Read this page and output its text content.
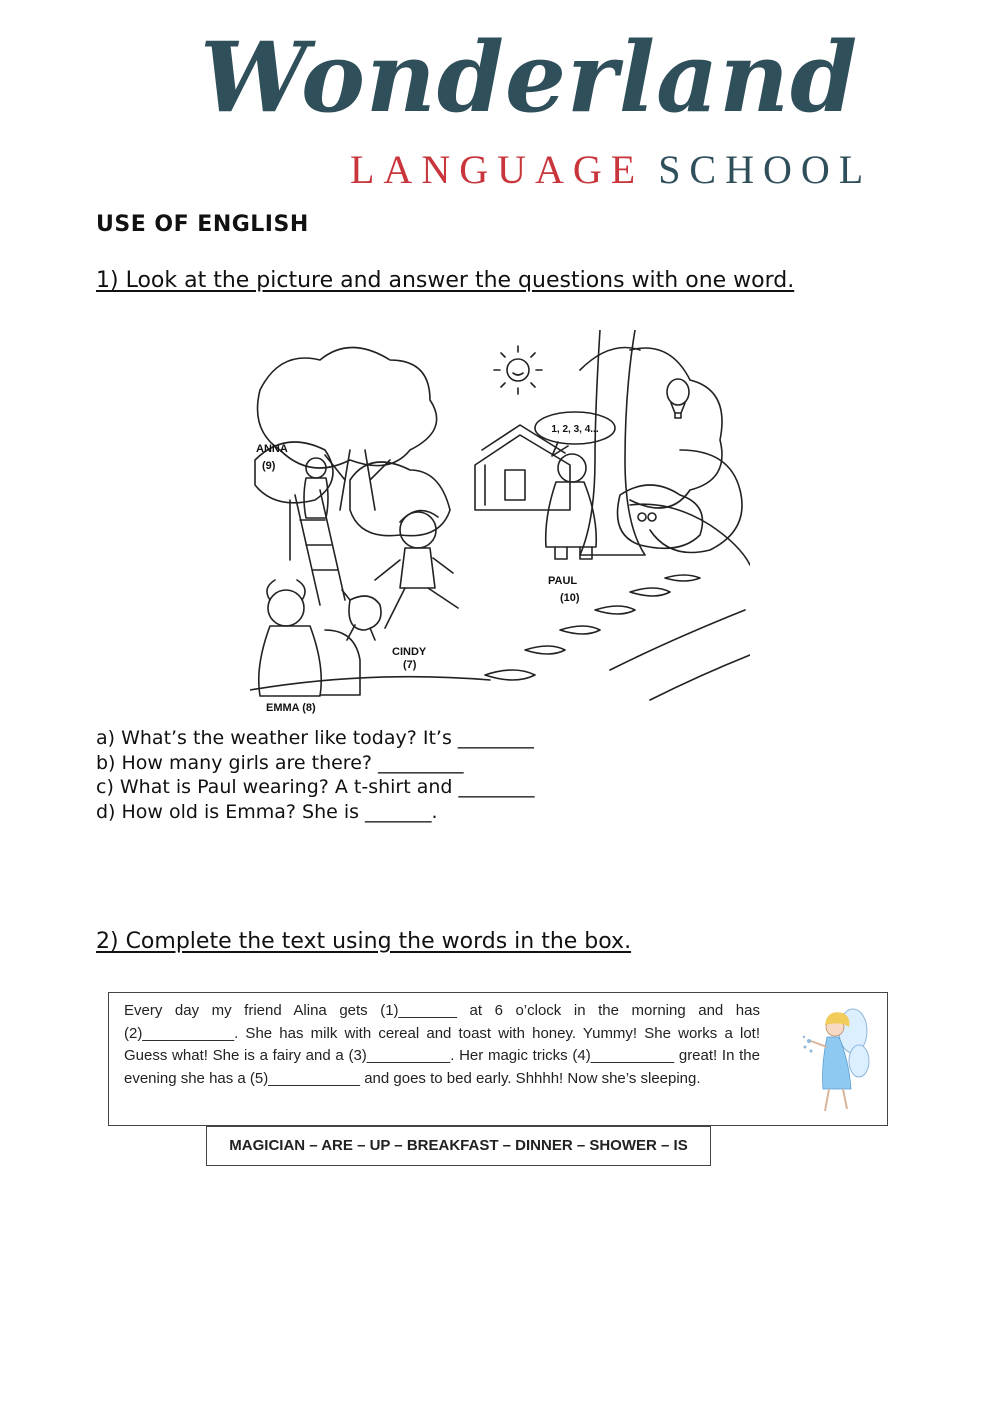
Wonderland
LANGUAGE SCHOOL
USE OF ENGLISH
1) Look at the picture and answer the questions with one word.
1, 2, 3, 4...
ANNA
(9)
PAUL
(10)
CINDY
(7)
EMMA (8)
a) What’s the weather like today? It’s ________
b) How many girls are there? _________
c) What is Paul wearing? A t-shirt and ________
d) How old is Emma? She is _______.
2) Complete the text using the words in the box.

Every day my friend Alina gets (1)_______ at 6 o’clock in the morning and has (2)___________. She has milk with cereal and toast with honey. Yummy! She works a lot! Guess what! She is a fairy and a (3)__________. Her magic tricks (4)__________ great! In the evening she has a (5)___________ and goes to bed early. Shhhh! Now she’s sleeping.

MAGICIAN – ARE – UP – BREAKFAST – DINNER – SHOWER – IS
